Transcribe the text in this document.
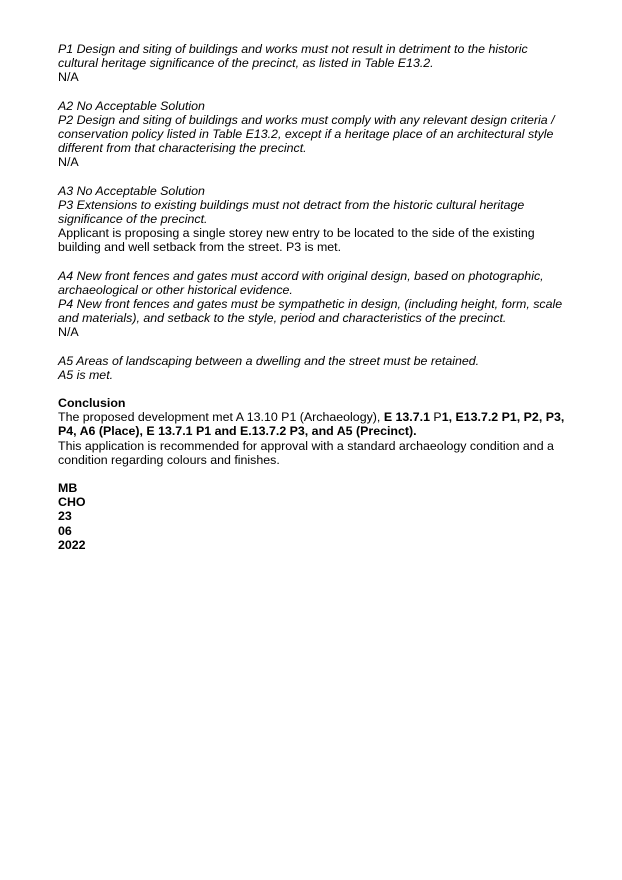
P1 Design and siting of buildings and works must not result in detriment to the historic
cultural heritage significance of the precinct, as listed in Table E13.2.
N/A
A2 No Acceptable Solution
P2 Design and siting of buildings and works must comply with any relevant design criteria /
conservation policy listed in Table E13.2, except if a heritage place of an architectural style
different from that characterising the precinct.
N/A
A3 No Acceptable Solution
P3 Extensions to existing buildings must not detract from the historic cultural heritage
significance of the precinct.
Applicant is proposing a single storey new entry to be located to the side of the existing
building and well setback from the street. P3 is met.
A4 New front fences and gates must accord with original design, based on photographic,
archaeological or other historical evidence.
P4 New front fences and gates must be sympathetic in design, (including height, form, scale
and materials), and setback to the style, period and characteristics of the precinct.
N/A
A5 Areas of landscaping between a dwelling and the street must be retained.
A5 is met.
Conclusion
The proposed development met A 13.10 P1 (Archaeology), E 13.7.1 P1, E13.7.2 P1, P2, P3,
P4, A6 (Place), E 13.7.1 P1 and E.13.7.2 P3, and A5 (Precinct).
This application is recommended for approval with a standard archaeology condition and a
condition regarding colours and finishes.
MB
CHO
23
06
2022
